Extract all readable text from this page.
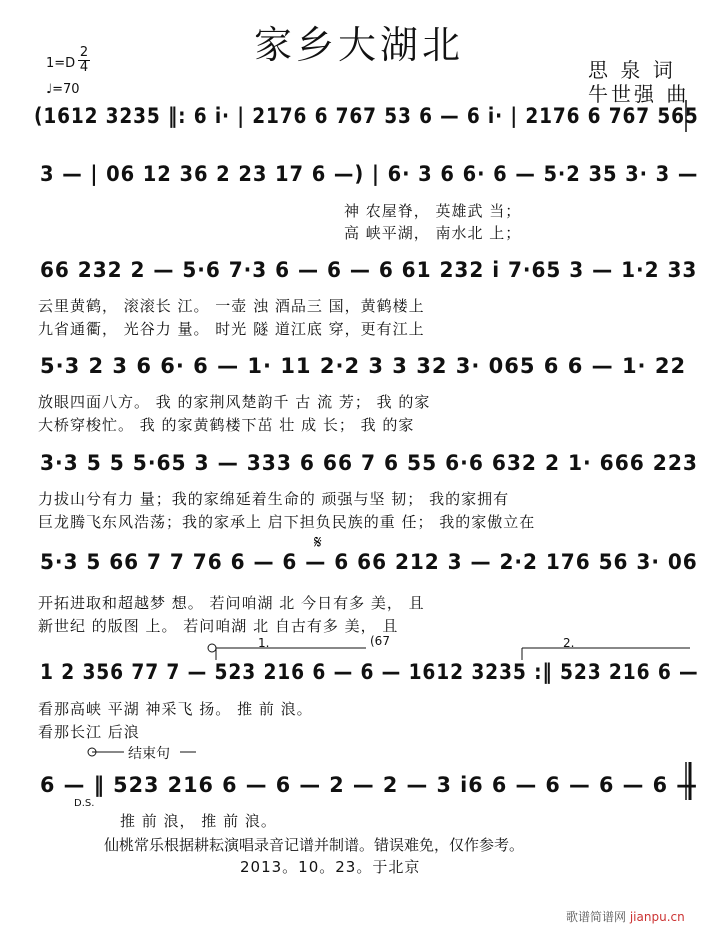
家乡大湖北
思 泉 词
牛世强 曲
$1=D \frac{2}{4}$
♩=70
(1612 3235 ‖: 6 i· | 2176 6 767 53 6 — 6 i· | 2176 6 767 565
3 — | 06 12 36 2 23 17 6 —) | 6· 3 6 6· 6 — 5·2 35 3· 3 —
神 农屋脊， 英雄武 当；
高 峡平湖， 南水北 上；
66 232 2 — 5·6 7·3 6 — 6 — 6 61 232 i 7·65 3 — 1·2 33
云里黄鹤， 滚滚长 江。 一壶 浊 酒品三 国，黄鹤楼上
九省通衢， 光谷力 量。 时光 隧 道江底 穿，更有江上
5·3 2 3 6 6· 6 — 1· 11 2·2 3 3 32 3· 065 6 6 — 1· 22
放眼四面八方。 我 的家荆风楚韵千 古 流 芳； 我 的家
大桥穿梭忙。 我 的家黄鹤楼下茁 壮 成 长； 我 的家
3·3 5 5 5·65 3 — 333 6 66 7 6 55 6·6 632 2 1· 666 223
力拔山兮有力 量；我的家绵延着生命的 顽强与坚 韧； 我的家拥有
巨龙腾飞东风浩荡；我的家承上 启下担负民族的重 任； 我的家傲立在
5·3 5 66 7 7 76 6 — 6 — 6 66 212 3 — 2·2 176 56 3· 06
开拓进取和超越梦 想。 若问咱湖 北 今日有多 美， 且
新世纪 的版图 上。 若问咱湖 北 自古有多 美， 且
1.	(67	2.
1 2 356 77 7 — 523 216 6 — 6 — 1612 3235 :‖ 523 216 6 —
看那高峡 平湖 神采飞 扬。 推 前 浪。
看那长江 后浪
结束句
6 — ‖ 523 216 6 — 6 — 2 — 2 — 3 i6 6 — 6 — 6 — 6 —
D.S.
推 前 浪， 推 前 浪。
仙桃常乐根据耕耘演唱录音记谱并制谱。错误难免，仅作参考。
2013。10。23。于北京
歌谱简谱网 jianpu.cn
𝄋
